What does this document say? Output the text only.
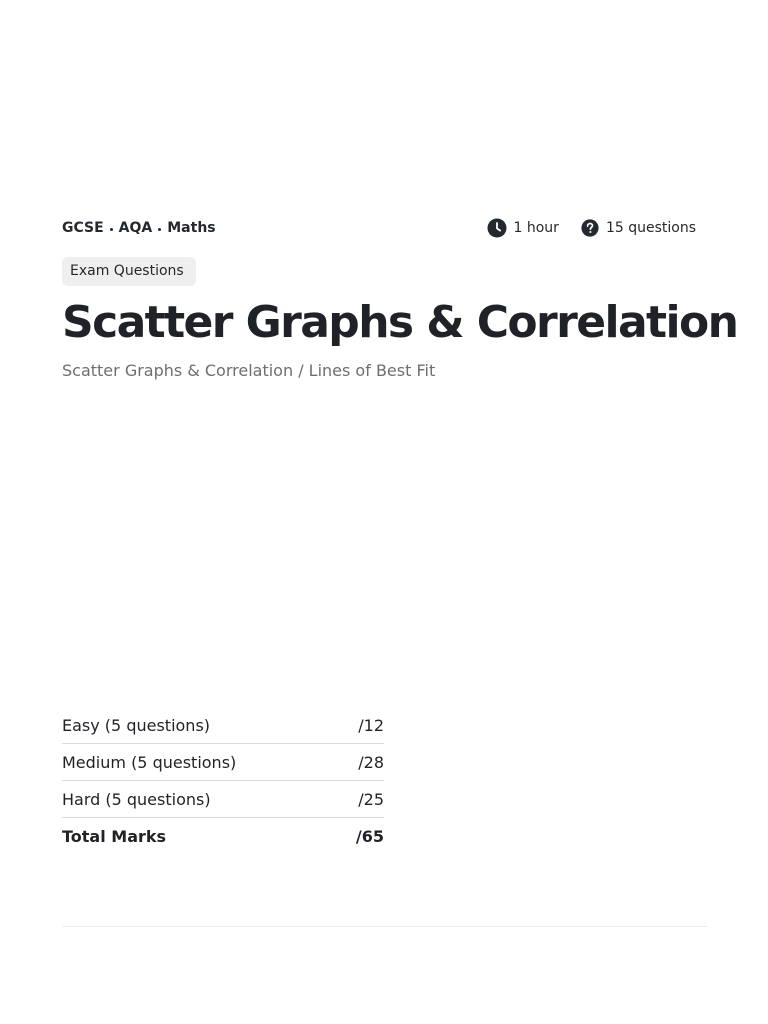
GCSE AQA Maths	1 hour	15 questions
Exam Questions
Scatter Graphs & Correlation
Scatter Graphs & Correlation / Lines of Best Fit
Easy (5 questions)	/12
Medium (5 questions)	/28
Hard (5 questions)	/25
Total Marks	/65
